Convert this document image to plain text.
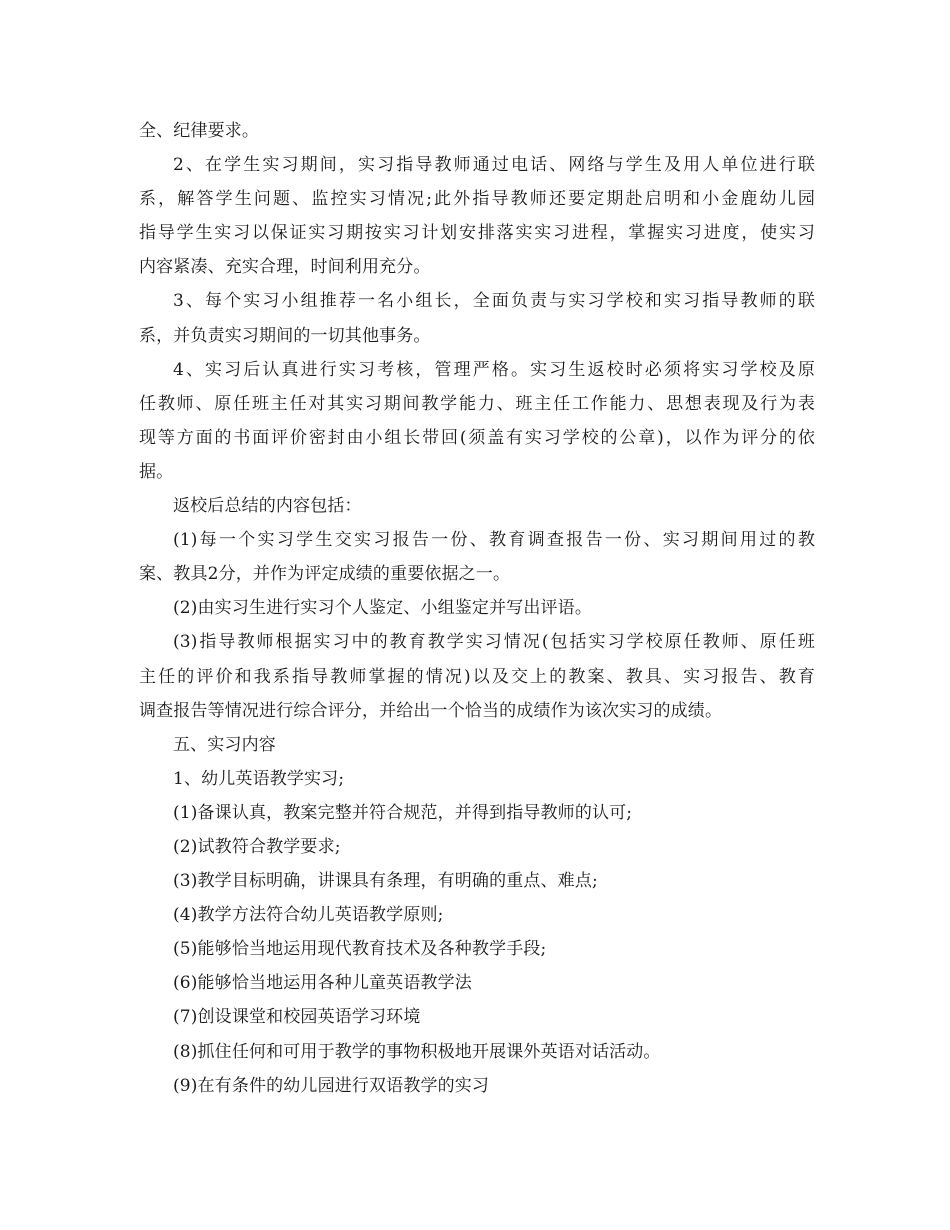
全、纪律要求。
2、在学生实习期间，实习指导教师通过电话、网络与学生及用人单位进行联
系，解答学生问题、监控实习情况;此外指导教师还要定期赴启明和小金鹿幼儿园
指导学生实习以保证实习期按实习计划安排落实实习进程，掌握实习进度，使实习
内容紧凑、充实合理，时间利用充分。
3、每个实习小组推荐一名小组长，全面负责与实习学校和实习指导教师的联
系，并负责实习期间的一切其他事务。
4、实习后认真进行实习考核，管理严格。实习生返校时必须将实习学校及原
任教师、原任班主任对其实习期间教学能力、班主任工作能力、思想表现及行为表
现等方面的书面评价密封由小组长带回(须盖有实习学校的公章)，以作为评分的依
据。
返校后总结的内容包括：
(1)每一个实习学生交实习报告一份、教育调查报告一份、实习期间用过的教
案、教具2分，并作为评定成绩的重要依据之一。
(2)由实习生进行实习个人鉴定、小组鉴定并写出评语。
(3)指导教师根据实习中的教育教学实习情况(包括实习学校原任教师、原任班
主任的评价和我系指导教师掌握的情况)以及交上的教案、教具、实习报告、教育
调查报告等情况进行综合评分，并给出一个恰当的成绩作为该次实习的成绩。
五、实习内容
1、幼儿英语教学实习;
(1)备课认真，教案完整并符合规范，并得到指导教师的认可;
(2)试教符合教学要求;
(3)教学目标明确，讲课具有条理，有明确的重点、难点;
(4)教学方法符合幼儿英语教学原则;
(5)能够恰当地运用现代教育技术及各种教学手段;
(6)能够恰当地运用各种儿童英语教学法
(7)创设课堂和校园英语学习环境
(8)抓住任何和可用于教学的事物积极地开展课外英语对话活动。
(9)在有条件的幼儿园进行双语教学的实习
